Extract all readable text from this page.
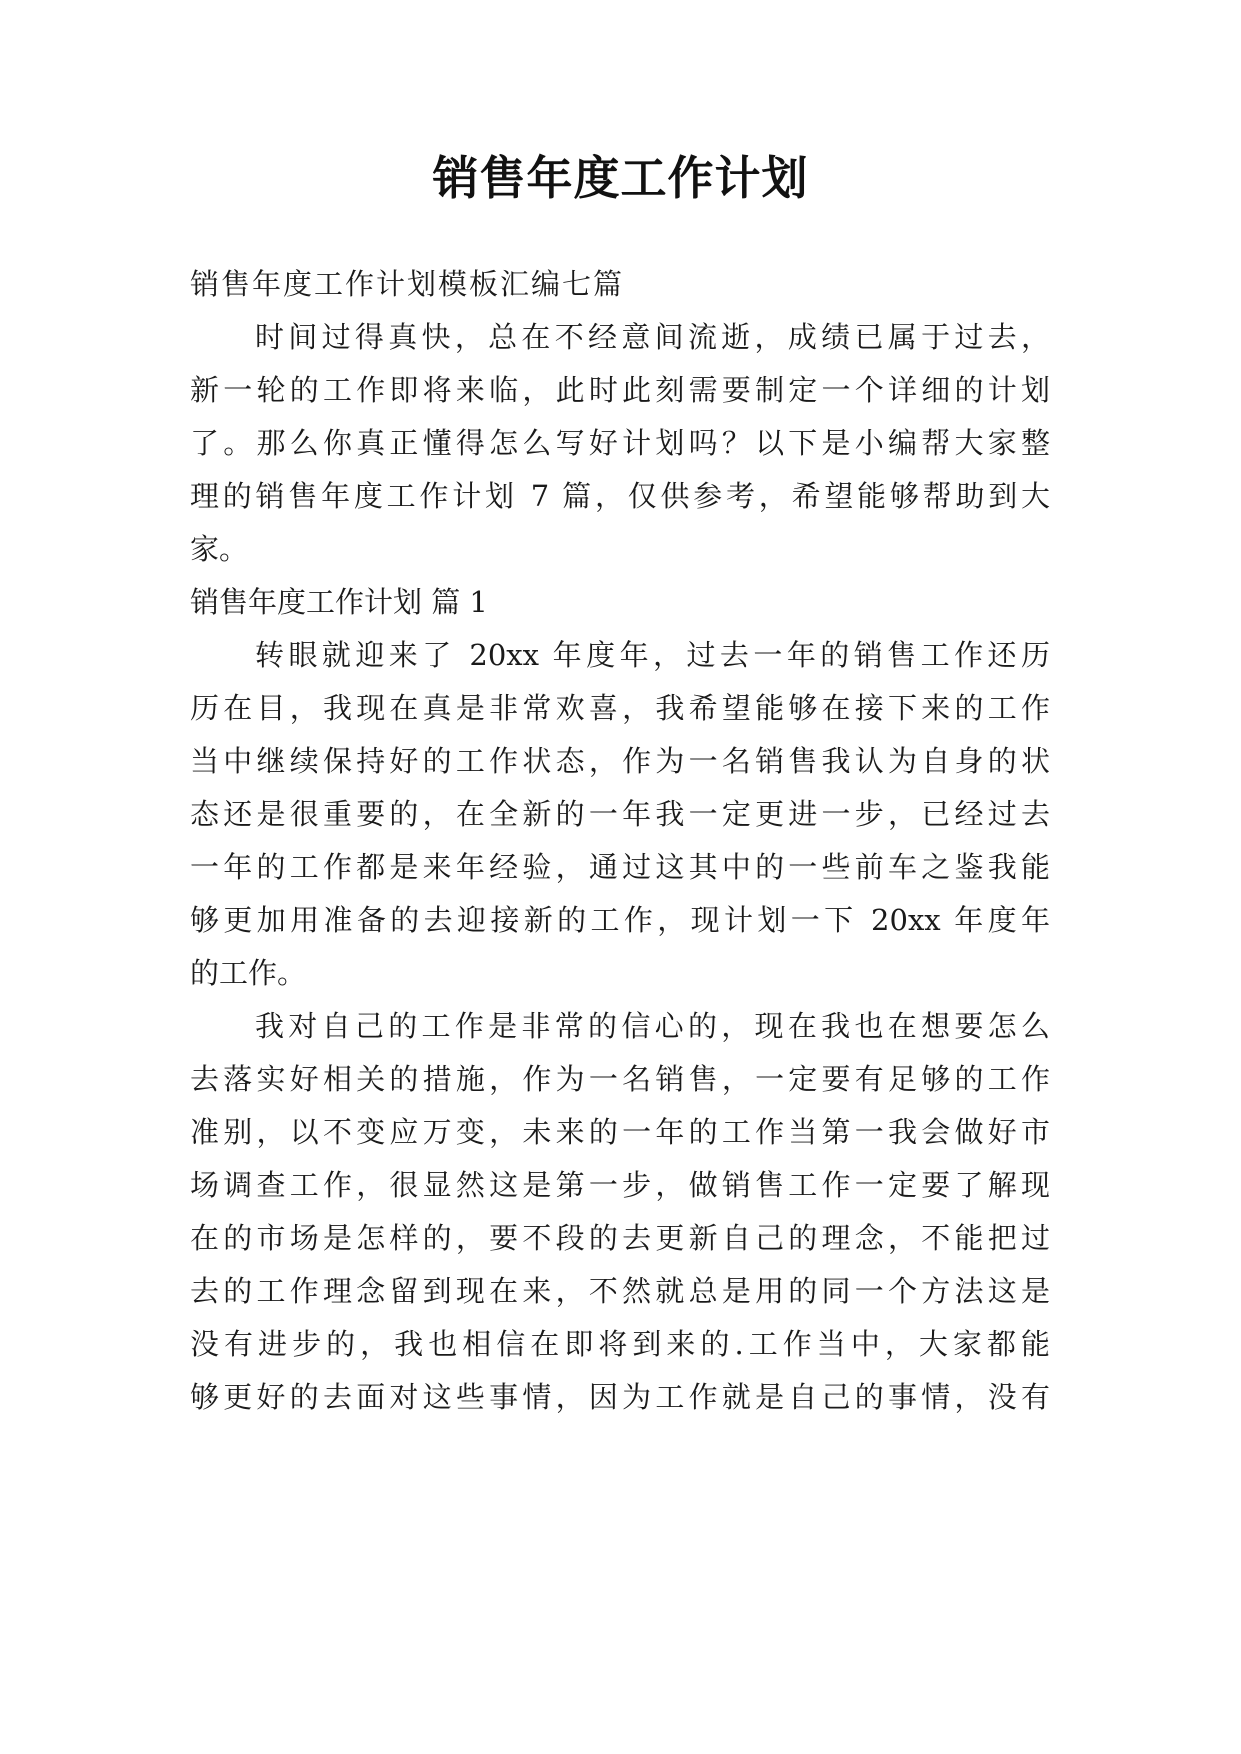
销售年度工作计划
销售年度工作计划模板汇编七篇
时间过得真快，总在不经意间流逝，成绩已属于过去，
新一轮的工作即将来临，此时此刻需要制定一个详细的计划
了。那么你真正懂得怎么写好计划吗？以下是小编帮大家整
理的销售年度工作计划 7 篇，仅供参考，希望能够帮助到大
家。
销售年度工作计划 篇 1
转眼就迎来了 20xx 年度年，过去一年的销售工作还历
历在目，我现在真是非常欢喜，我希望能够在接下来的工作
当中继续保持好的工作状态，作为一名销售我认为自身的状
态还是很重要的，在全新的一年我一定更进一步，已经过去
一年的工作都是来年经验，通过这其中的一些前车之鉴我能
够更加用准备的去迎接新的工作，现计划一下 20xx 年度年
的工作。
我对自己的工作是非常的信心的，现在我也在想要怎么
去落实好相关的措施，作为一名销售，一定要有足够的工作
准别，以不变应万变，未来的一年的工作当第一我会做好市
场调查工作，很显然这是第一步，做销售工作一定要了解现
在的市场是怎样的，要不段的去更新自己的理念，不能把过
去的工作理念留到现在来，不然就总是用的同一个方法这是
没有进步的，我也相信在即将到来的.工作当中，大家都能
够更好的去面对这些事情，因为工作就是自己的事情，没有
